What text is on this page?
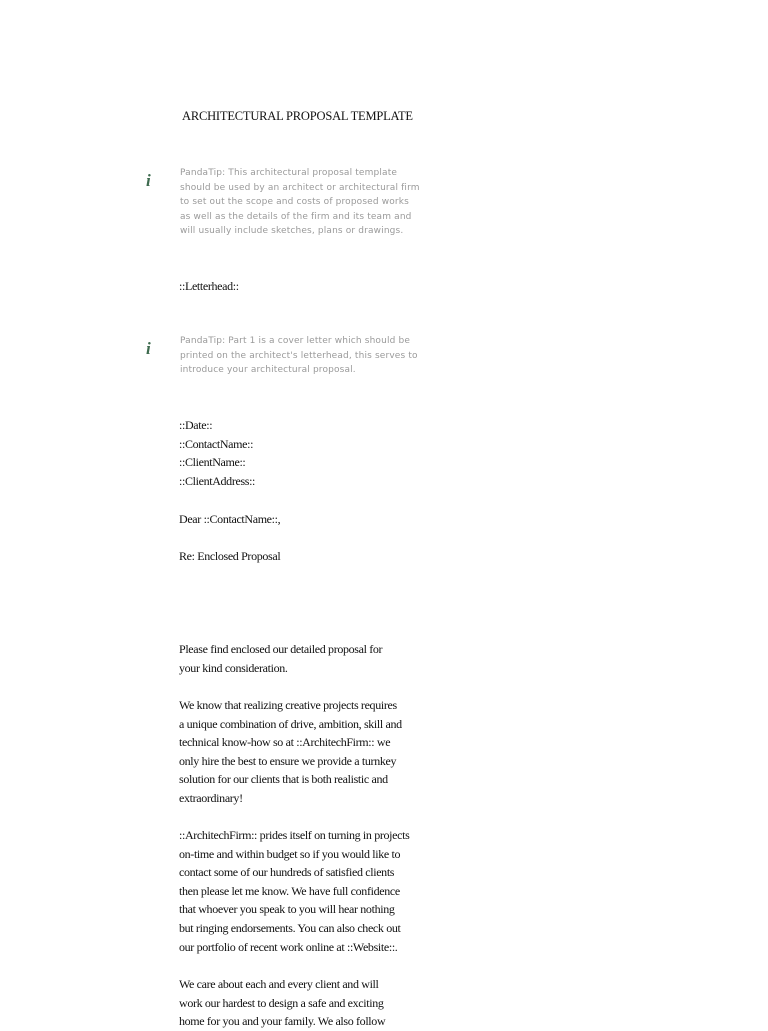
ARCHITECTURAL PROPOSAL TEMPLATE
i	PandaTip: This architectural proposal template
should be used by an architect or architectural firm
to set out the scope and costs of proposed works
as well as the details of the firm and its team and
will usually include sketches, plans or drawings.
::Letterhead::
i	PandaTip: Part 1 is a cover letter which should be
printed on the architect's letterhead, this serves to
introduce your architectural proposal.
::Date::
::ContactName::
::ClientName::
::ClientAddress::
Dear ::ContactName::,
Re: Enclosed Proposal
Please find enclosed our detailed proposal for
your kind consideration.
We know that realizing creative projects requires
a unique combination of drive, ambition, skill and
technical know-how so at ::ArchitechFirm:: we
only hire the best to ensure we provide a turnkey
solution for our clients that is both realistic and
extraordinary!
::ArchitechFirm:: prides itself on turning in projects
on-time and within budget so if you would like to
contact some of our hundreds of satisfied clients
then please let me know. We have full confidence
that whoever you speak to you will hear nothing
but ringing endorsements. You can also check out
our portfolio of recent work online at ::Website::.
We care about each and every client and will
work our hardest to design a safe and exciting
home for you and your family. We also follow
